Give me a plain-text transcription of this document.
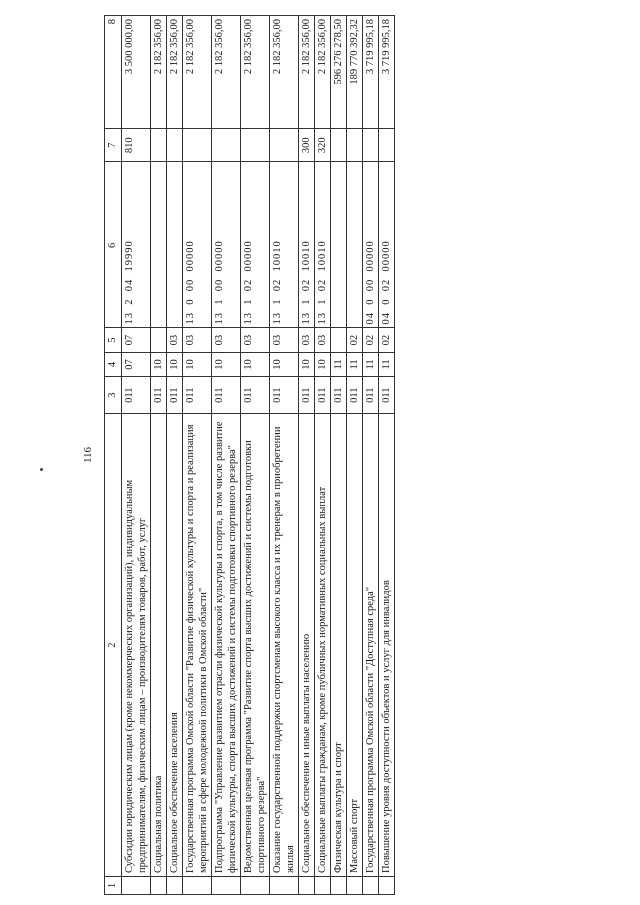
116
1	2	3	4	5	6	7	8
	Субсидии юридическим лицам (кроме некоммерческих организаций), индивидуальным предпринимателям, физическим лицам – производителям товаров, работ, услуг	011	07	07	13  2  04  19990	810	3 500 000,00
	Социальная политика	011	10				2 182 356,00
	Социальное обеспечение населения	011	10	03			2 182 356,00
	Государственная программа Омской области "Развитие физической культуры и спорта и реализация мероприятий в сфере молодежной политики в Омской области"	011	10	03	13  0  00  00000		2 182 356,00
	Подпрограмма "Управление развитием отрасли физической культуры и спорта, в том числе развитие физической культуры, спорта высших достижений и системы подготовки спортивного резерва"	011	10	03	13  1  00  00000		2 182 356,00
	Ведомственная целевая программа "Развитие спорта высших достижений и системы подготовки спортивного резерва"	011	10	03	13  1  02  00000		2 182 356,00
	Оказание государственной поддержки спортсменам высокого класса и их тренерам в приобретении жилья	011	10	03	13  1  02  10010		2 182 356,00
	Социальное обеспечение и иные выплаты населению	011	10	03	13  1  02  10010	300	2 182 356,00
	Социальные выплаты гражданам, кроме публичных нормативных социальных выплат	011	10	03	13  1  02  10010	320	2 182 356,00
	Физическая культура и спорт	011	11				596 276 278,50
	Массовый спорт	011	11	02			189 770 392,32
	Государственная программа Омской области "Доступная среда"	011	11	02	04  0  00  00000		3 719 995,18
	Повышение уровня доступности объектов и услуг для инвалидов	011	11	02	04  0  02  00000		3 719 995,18
